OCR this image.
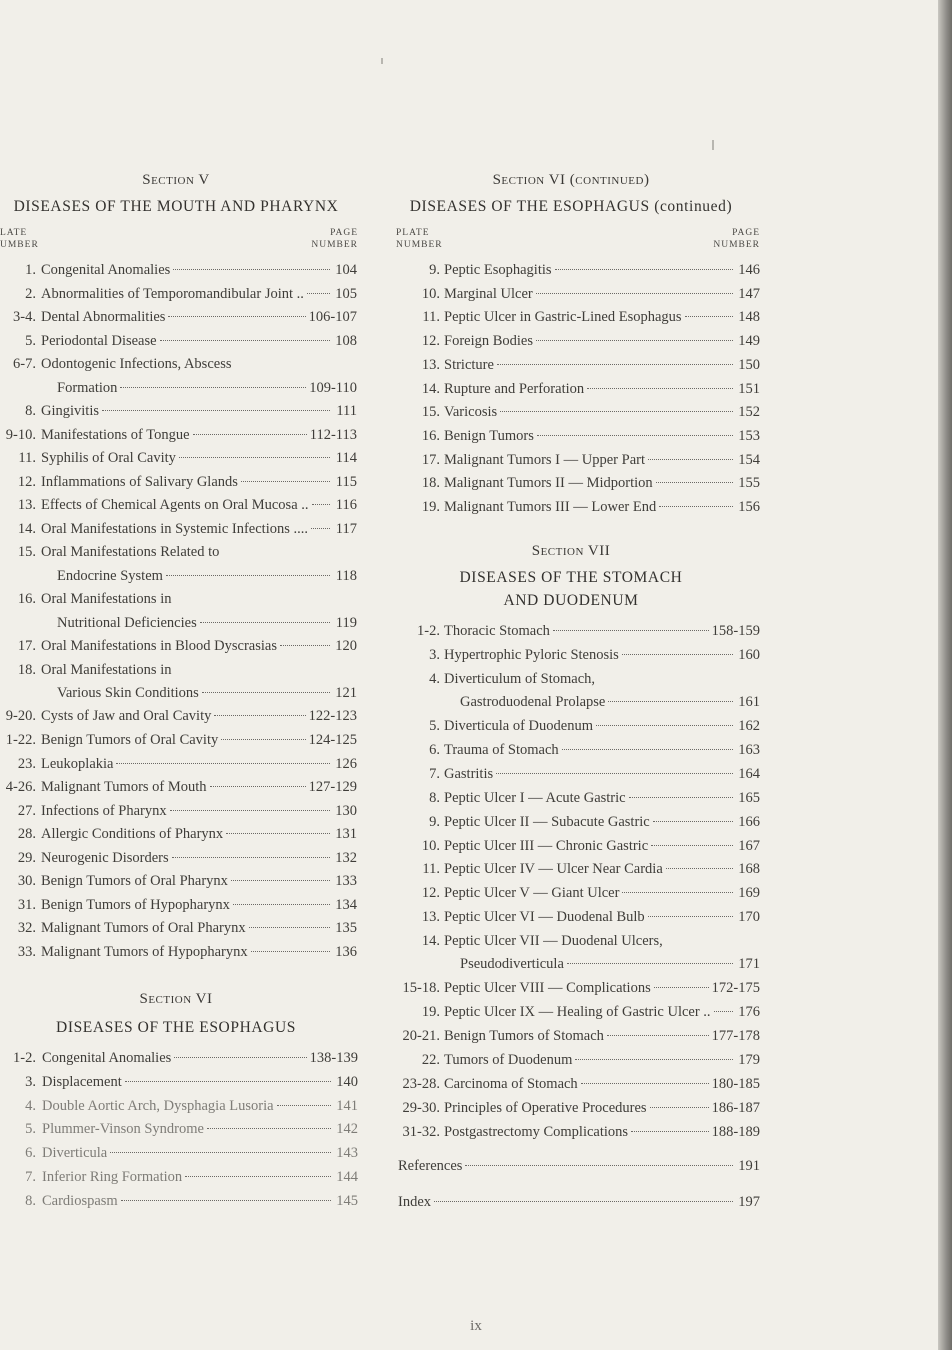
Section V
DISEASES OF THE MOUTH AND PHARYNX
LATE
UMBER
PAGE
NUMBER
1. Congenital Anomalies	104
2. Abnormalities of Temporomandibular Joint .. 105
3-4. Dental Abnormalities	106-107
5. Periodontal Disease	108
6-7. Odontogenic Infections, Abscess
Formation	109-110
8. Gingivitis	111
9-10. Manifestations of Tongue	112-113
11. Syphilis of Oral Cavity	114
12. Inflammations of Salivary Glands	115
13. Effects of Chemical Agents on Oral Mucosa .. 116
14. Oral Manifestations in Systemic Infections .... 117
15. Oral Manifestations Related to
Endocrine System	118
16. Oral Manifestations in
Nutritional Deficiencies	119
17. Oral Manifestations in Blood Dyscrasias	120
18. Oral Manifestations in
Various Skin Conditions	121
9-20. Cysts of Jaw and Oral Cavity	122-123
1-22. Benign Tumors of Oral Cavity	124-125
23. Leukoplakia	126
4-26. Malignant Tumors of Mouth	127-129
27. Infections of Pharynx	130
28. Allergic Conditions of Pharynx	131
29. Neurogenic Disorders	132
30. Benign Tumors of Oral Pharynx	133
31. Benign Tumors of Hypopharynx	134
32. Malignant Tumors of Oral Pharynx	135
33. Malignant Tumors of Hypopharynx	136
Section VI
DISEASES OF THE ESOPHAGUS
1-2. Congenital Anomalies	138-139
3. Displacement	140
4. Double Aortic Arch, Dysphagia Lusoria	141
5. Plummer-Vinson Syndrome	142
6. Diverticula	143
7. Inferior Ring Formation	144
8. Cardiospasm	145
Section VI (continued)
DISEASES OF THE ESOPHAGUS (continued)
PLATE
NUMBER
PAGE
NUMBER
9. Peptic Esophagitis	146
10. Marginal Ulcer	147
11. Peptic Ulcer in Gastric-Lined Esophagus	148
12. Foreign Bodies	149
13. Stricture	150
14. Rupture and Perforation	151
15. Varicosis	152
16. Benign Tumors	153
17. Malignant Tumors I — Upper Part	154
18. Malignant Tumors II — Midportion	155
19. Malignant Tumors III — Lower End	156
Section VII
DISEASES OF THE STOMACH
AND DUODENUM
1-2. Thoracic Stomach	158-159
3. Hypertrophic Pyloric Stenosis	160
4. Diverticulum of Stomach,
Gastroduodenal Prolapse	161
5. Diverticula of Duodenum	162
6. Trauma of Stomach	163
7. Gastritis	164
8. Peptic Ulcer I — Acute Gastric	165
9. Peptic Ulcer II — Subacute Gastric	166
10. Peptic Ulcer III — Chronic Gastric	167
11. Peptic Ulcer IV — Ulcer Near Cardia	168
12. Peptic Ulcer V — Giant Ulcer	169
13. Peptic Ulcer VI — Duodenal Bulb	170
14. Peptic Ulcer VII — Duodenal Ulcers,
Pseudodiverticula	171
15-18. Peptic Ulcer VIII — Complications	172-175
19. Peptic Ulcer IX — Healing of Gastric Ulcer .. 176
20-21. Benign Tumors of Stomach	177-178
22. Tumors of Duodenum	179
23-28. Carcinoma of Stomach	180-185
29-30. Principles of Operative Procedures	186-187
31-32. Postgastrectomy Complications	188-189
References	191
Index	197
ix
